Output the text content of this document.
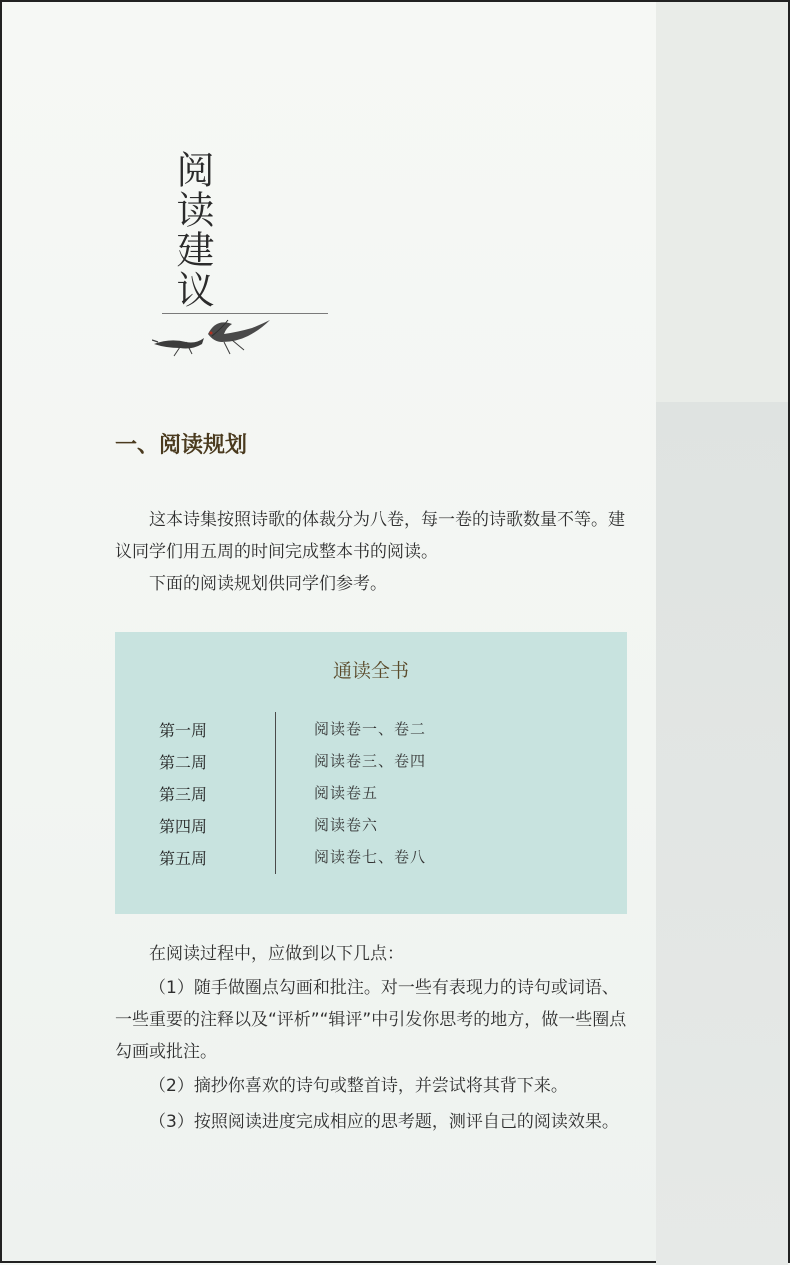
阅读建议
一、阅读规划
这本诗集按照诗歌的体裁分为八卷，每一卷的诗歌数量不等。建议同学们用五周的时间完成整本书的阅读。
下面的阅读规划供同学们参考。
通读全书
第一周	阅读卷一、卷二
第二周	阅读卷三、卷四
第三周	阅读卷五
第四周	阅读卷六
第五周	阅读卷七、卷八
在阅读过程中，应做到以下几点：
（1）随手做圈点勾画和批注。对一些有表现力的诗句或词语、一些重要的注释以及“评析”“辑评”中引发你思考的地方，做一些圈点勾画或批注。
（2）摘抄你喜欢的诗句或整首诗，并尝试将其背下来。
（3）按照阅读进度完成相应的思考题，测评自己的阅读效果。
